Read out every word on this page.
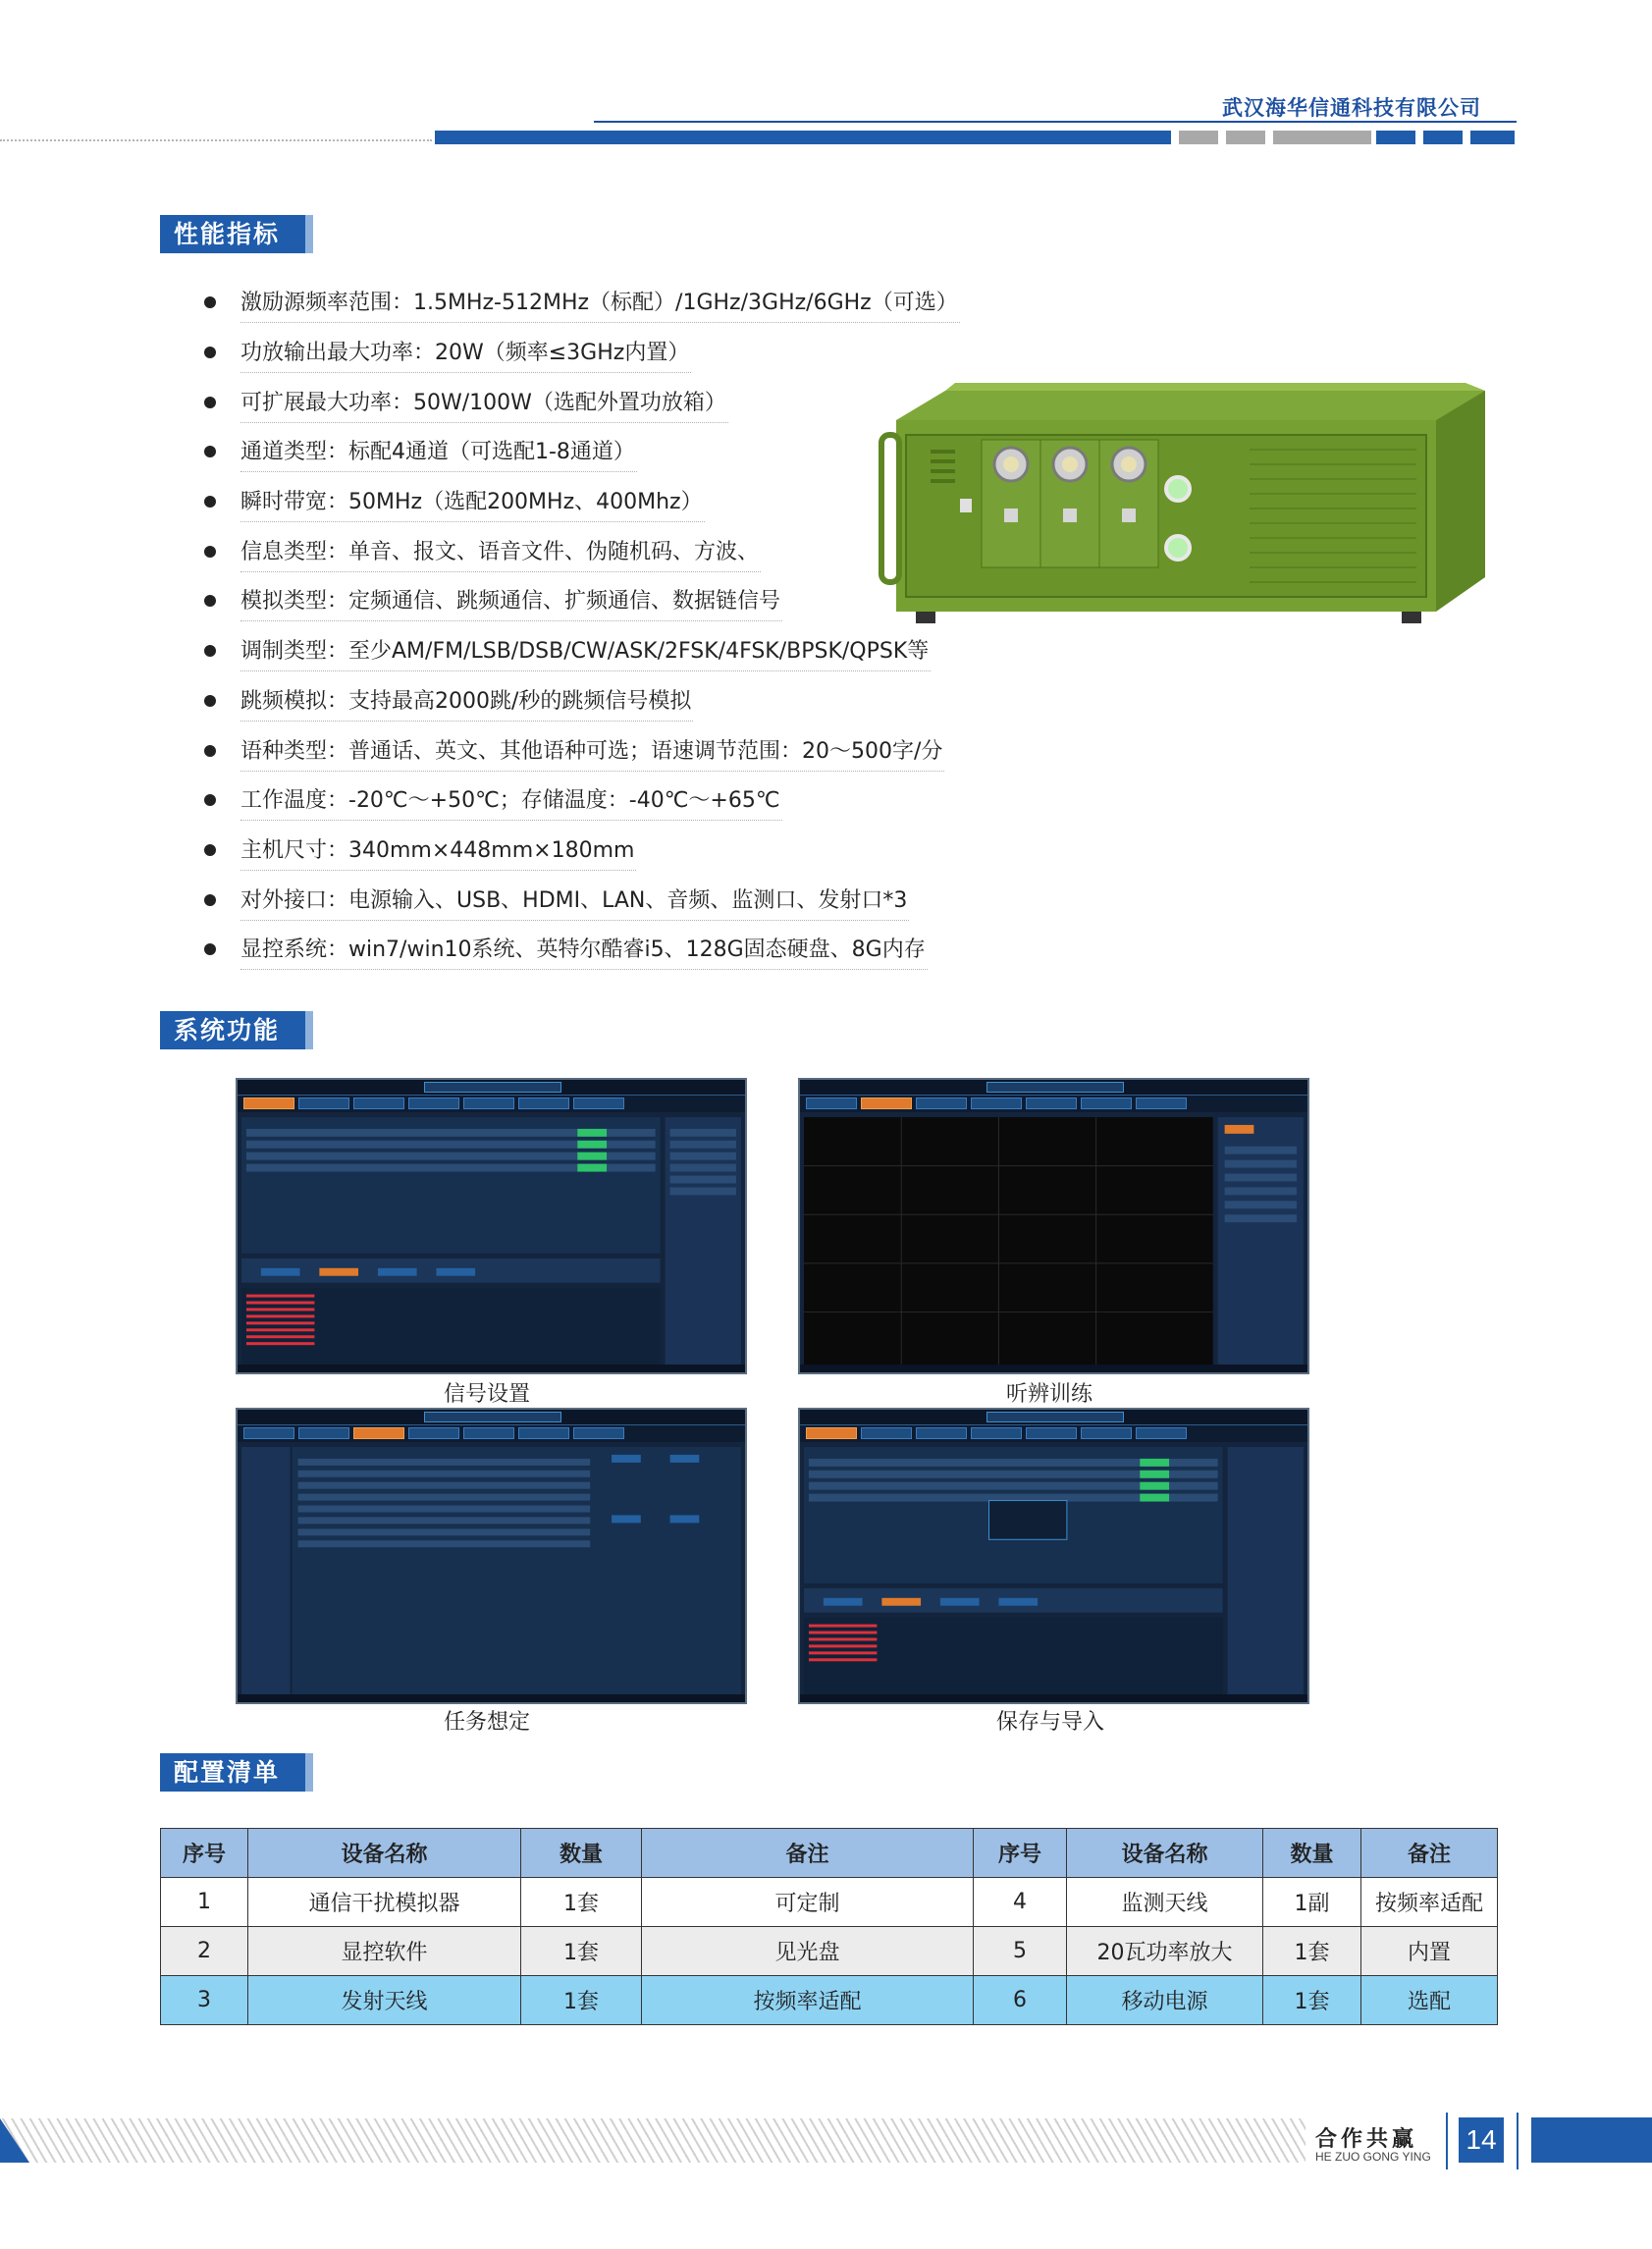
武汉海华信通科技有限公司
性能指标
激励源频率范围：1.5MHz-512MHz（标配）/1GHz/3GHz/6GHz（可选）
功放输出最大功率：20W（频率≤3GHz内置）
可扩展最大功率：50W/100W（选配外置功放箱）
通道类型：标配4通道（可选配1-8通道）
瞬时带宽：50MHz（选配200MHz、400Mhz）
信息类型：单音、报文、语音文件、伪随机码、方波、
模拟类型：定频通信、跳频通信、扩频通信、数据链信号
调制类型：至少AM/FM/LSB/DSB/CW/ASK/2FSK/4FSK/BPSK/QPSK等
跳频模拟：支持最高2000跳/秒的跳频信号模拟
语种类型：普通话、英文、其他语种可选；语速调节范围：20～500字/分
工作温度：-20℃～+50℃；存储温度：-40℃～+65℃
主机尺寸：340mm×448mm×180mm
对外接口：电源输入、USB、HDMI、LAN、音频、监测口、发射口*3
显控系统：win7/win10系统、英特尔酷睿i5、128G固态硬盘、8G内存
系统功能
信号设置	听辨训练
任务想定	保存与导入
配置清单
序号	设备名称	数量	备注	序号	设备名称	数量	备注
1	通信干扰模拟器	1套	可定制	4	监测天线	1副	按频率适配
2	显控软件	1套	见光盘	5	20瓦功率放大	1套	内置
3	发射天线	1套	按频率适配	6	移动电源	1套	选配
合作共赢
HE ZUO GONG YING
14
